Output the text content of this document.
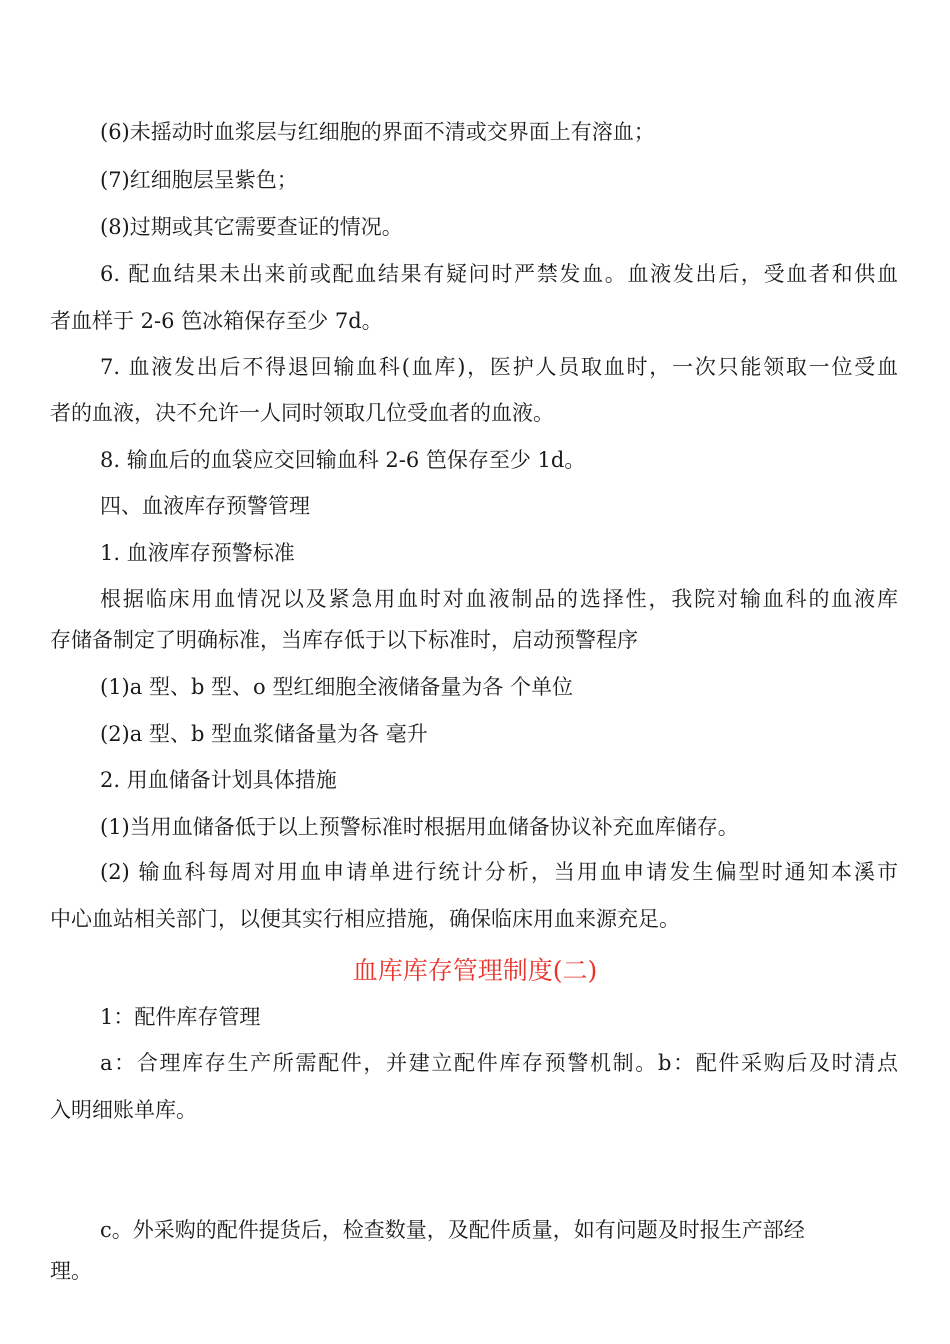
(6)未摇动时血浆层与红细胞的界面不清或交界面上有溶血；
(7)红细胞层呈紫色；
(8)过期或其它需要查证的情况。
6. 配血结果未出来前或配血结果有疑问时严禁发血。血液发出后，受血者和供血
者血样于 2-6 笆冰箱保存至少 7d。
7. 血液发出后不得退回输血科(血库)，医护人员取血时，一次只能领取一位受血
者的血液，决不允许一人同时领取几位受血者的血液。
8. 输血后的血袋应交回输血科 2-6 笆保存至少 1d。
四、血液库存预警管理
1. 血液库存预警标准
根据临床用血情况以及紧急用血时对血液制品的选择性，我院对输血科的血液库
存储备制定了明确标准，当库存低于以下标准时，启动预警程序
(1)a 型、b 型、o 型红细胞全液储备量为各 个单位
(2)a 型、b 型血浆储备量为各 毫升
2. 用血储备计划具体措施
(1)当用血储备低于以上预警标准时根据用血储备协议补充血库储存。
(2) 输血科每周对用血申请单进行统计分析，当用血申请发生偏型时通知本溪市
中心血站相关部门，以便其实行相应措施，确保临床用血来源充足。
血库库存管理制度(二)
1：配件库存管理
a：合理库存生产所需配件，并建立配件库存预警机制。b：配件采购后及时清点
入明细账单库。
c。外采购的配件提货后，检查数量，及配件质量，如有问题及时报生产部经
理。
